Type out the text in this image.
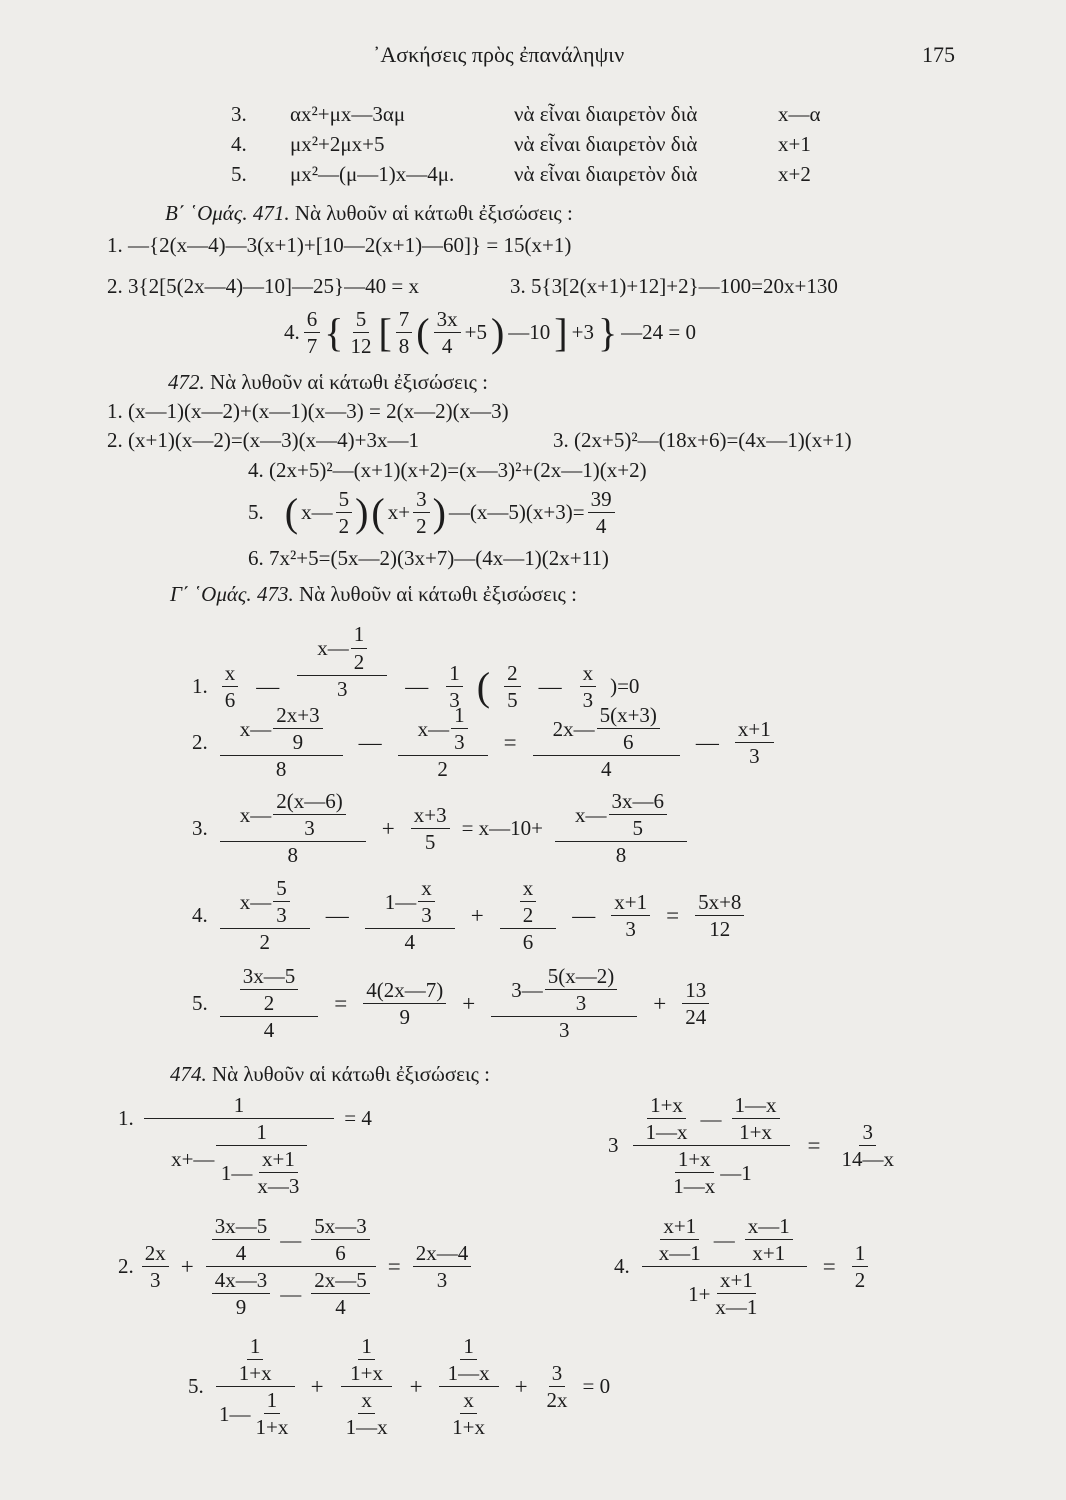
᾽Ασκήσεις πρὸς ἐπανάληψιν	175
3. αx²+μx—3αμ	νὰ εἶναι διαιρετὸν διὰ	x—α
4. μx²+2μx+5	νὰ εἶναι διαιρετὸν διὰ	x+1
5. μx²—(μ—1)x—4μ.	νὰ εἶναι διαιρετὸν διὰ	x+2
Β΄ ῾Ομάς. 471. Νὰ λυθοῦν αἱ κάτωθι ἐξισώσεις :
1. —{2(x—4)—3(x+1)+[10—2(x+1)—60]} = 15(x+1)
2. 3{2[5(2x—4)—10]—25}—40 = x	3. 5{3[2(x+1)+12]+2}—100=20x+130
4.
6
7 { 5
12 [ 7
8 ( 3x
4
+5 ) —10 ] +3 } —24 = 0
472. Νὰ λυθοῦν αἱ κάτωθι ἐξισώσεις :
1. (x—1)(x—2)+(x—1)(x—3) = 2(x—2)(x—3)
2. (x+1)(x—2)=(x—3)(x—4)+3x—1	3. (2x+5)²—(18x+6)=(4x—1)(x+1)
4. (2x+5)²—(x+1)(x+2)=(x—3)²+(2x—1)(x+2)
5. ( x—
5
2 ) ( $x+ \frac{3}{2}$ ) —(x—5)(x+3)= $\frac{39}{4}$
6. 7x²+5=(5x—2)(3x+7)—(4x—1)(2x+11)
Γ΄ ῾Ομάς. 473. Νὰ λυθοῦν αἱ κάτωθι ἐξισώσεις :
1.
x
6
—
x—
1
2
3	—
1
3 ( 2
5
—
x
3
)=0
2.
x—
2x+3
9
8
— x—
1
3
2 = 2x—
5(x+3)
6
4 —
x+1
3
3.
x—
2(x—6)
3
8
+ $\frac{x+3}{5}$ = x—10+ x—
3x—6
5
8
4.
x—
5
3
2
—
1—
x
3
4
+ x
2
6 — $\frac{x+1}{3} = \frac{5x+8}{12}$
5. 3x—5
2
$4 = \frac{4(2x—7)}{9}$ + 3—
5(x—2)
3
$3 + \frac{13}{24}$
474. Νὰ λυθοῦν αἱ κάτωθι ἐξισώσεις :
1. 1
x+—
1
1—
x+1
x—3 = 4
3 1+x
1—x
—
1—x
1+x
1+x
1—x
—1 = $\frac{3}{14—x}$
2.
2x
3
+ 3x—5
4
—
5x—3
6
4x—3
9
—
2x—5
$4 = \frac{2x—4}{3}$	4. x+1
x—1
—
x—1
x+1
$1+ \frac{x+1}{x—1} = \frac{1}{2}$
5.
1
1+x
1—
1
1+x
+ 1
1+x
x
1—x + 1
1—x
x
$1+x + \frac{3}{2x} = 0$
